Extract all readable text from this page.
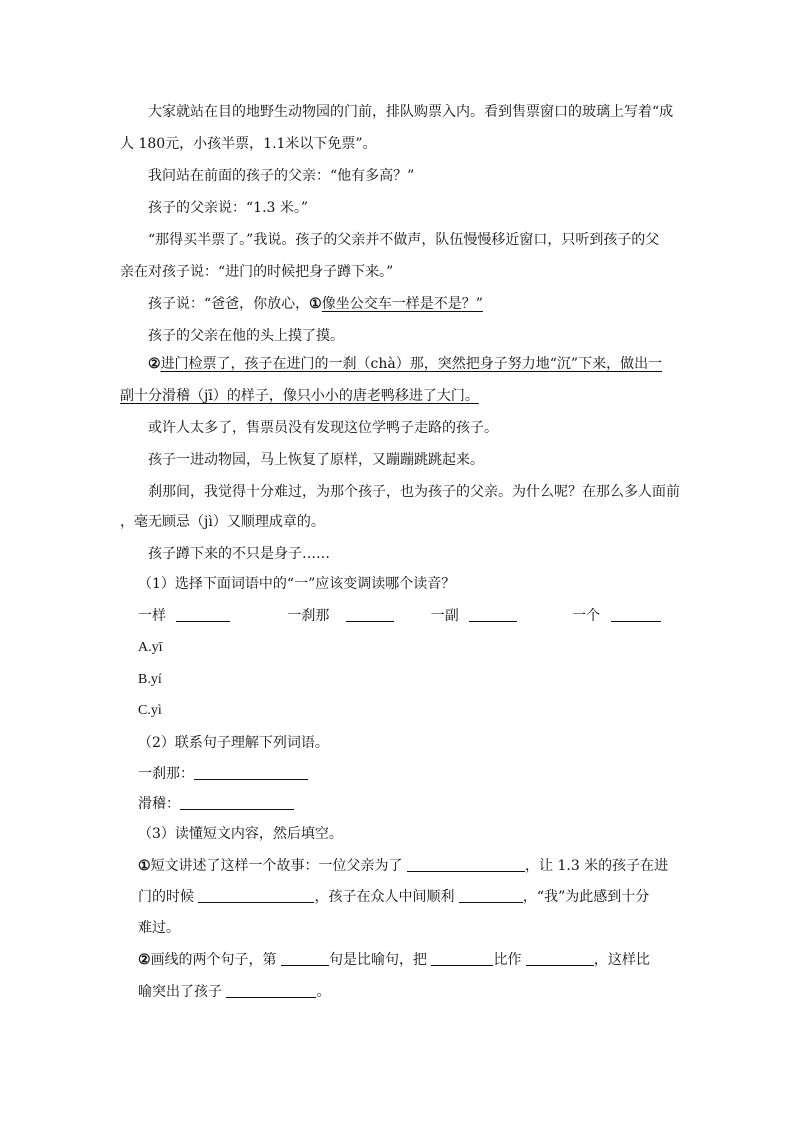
大家就站在目的地野生动物园的门前，排队购票入内。看到售票窗口的玻璃上写着“成
人 180元，小孩半票，1.1米以下免票”。
我问站在前面的孩子的父亲：“他有多高？”
孩子的父亲说：“1.3 米。”
“那得买半票了。”我说。孩子的父亲并不做声，队伍慢慢移近窗口，只听到孩子的父
亲在对孩子说：“进门的时候把身子蹲下来。”
孩子说：“爸爸，你放心，①像坐公交车一样是不是？”
孩子的父亲在他的头上摸了摸。
②进门检票了，孩子在进门的一刹（chà）那，突然把身子努力地“沉”下来，做出一
副十分滑稽（jī）的样子，像只小小的唐老鸭移进了大门。
或许人太多了，售票员没有发现这位学鸭子走路的孩子。
孩子一进动物园，马上恢复了原样，又蹦蹦跳跳起来。
刹那间，我觉得十分难过，为那个孩子，也为孩子的父亲。为什么呢？在那么多人面前
，毫无顾忌（jì）又顺理成章的。
孩子蹲下来的不只是身子……
（1）选择下面词语中的“一”应该变调读哪个读音？
一样	一刹那	一副	一个
A.yī
B.yí
C.yì
（2）联系句子理解下列词语。
一刹那：
滑稽：
（3）读懂短文内容，然后填空。
①短文讲述了这样一个故事：一位父亲为了	，让 1.3 米的孩子在进
门的时候	，孩子在众人中间顺利	，“我”为此感到十分
难过。
②画线的两个句子，第	句是比喻句，把	比作	，这样比
喻突出了孩子	。
